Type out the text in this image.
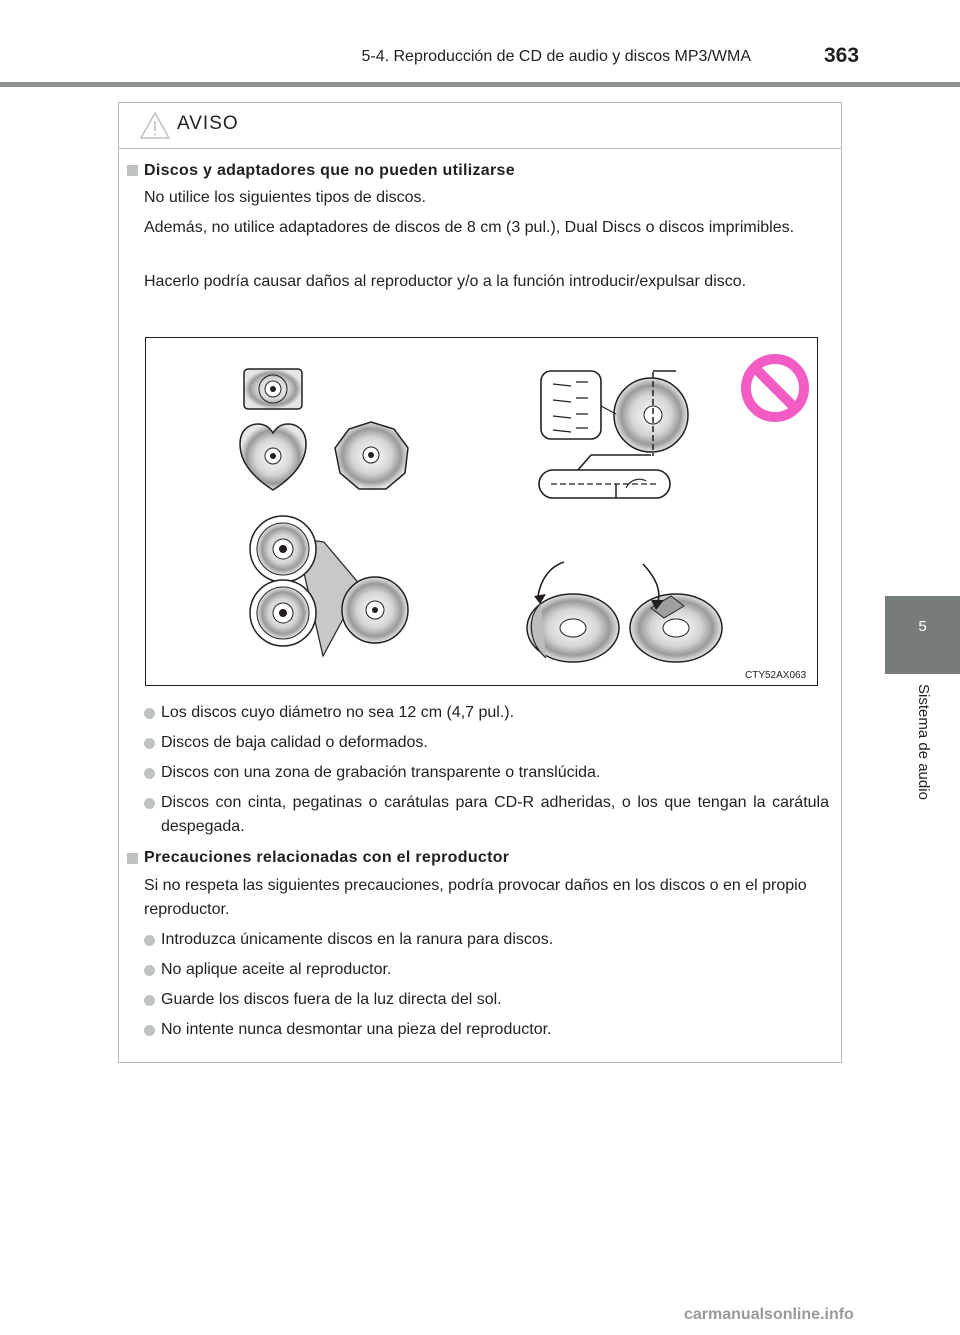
5-4. Reproducción de CD de audio y discos MP3/WMA	363
5
Sistema de audio
AVISO
Discos y adaptadores que no pueden utilizarse
No utilice los siguientes tipos de discos.
Además, no utilice adaptadores de discos de 8 cm (3 pul.), Dual Discs o discos imprimibles.
Hacerlo podría causar daños al reproductor y/o a la función introducir/expulsar disco.
CTY52AX063
Los discos cuyo diámetro no sea 12 cm (4,7 pul.).
Discos de baja calidad o deformados.
Discos con una zona de grabación transparente o translúcida.
Discos con cinta, pegatinas o carátulas para CD-R adheridas, o los que tengan la carátula despegada.
Precauciones relacionadas con el reproductor
Si no respeta las siguientes precauciones, podría provocar daños en los discos o en el propio reproductor.
Introduzca únicamente discos en la ranura para discos.
No aplique aceite al reproductor.
Guarde los discos fuera de la luz directa del sol.
No intente nunca desmontar una pieza del reproductor.
carmanualsonline.info
